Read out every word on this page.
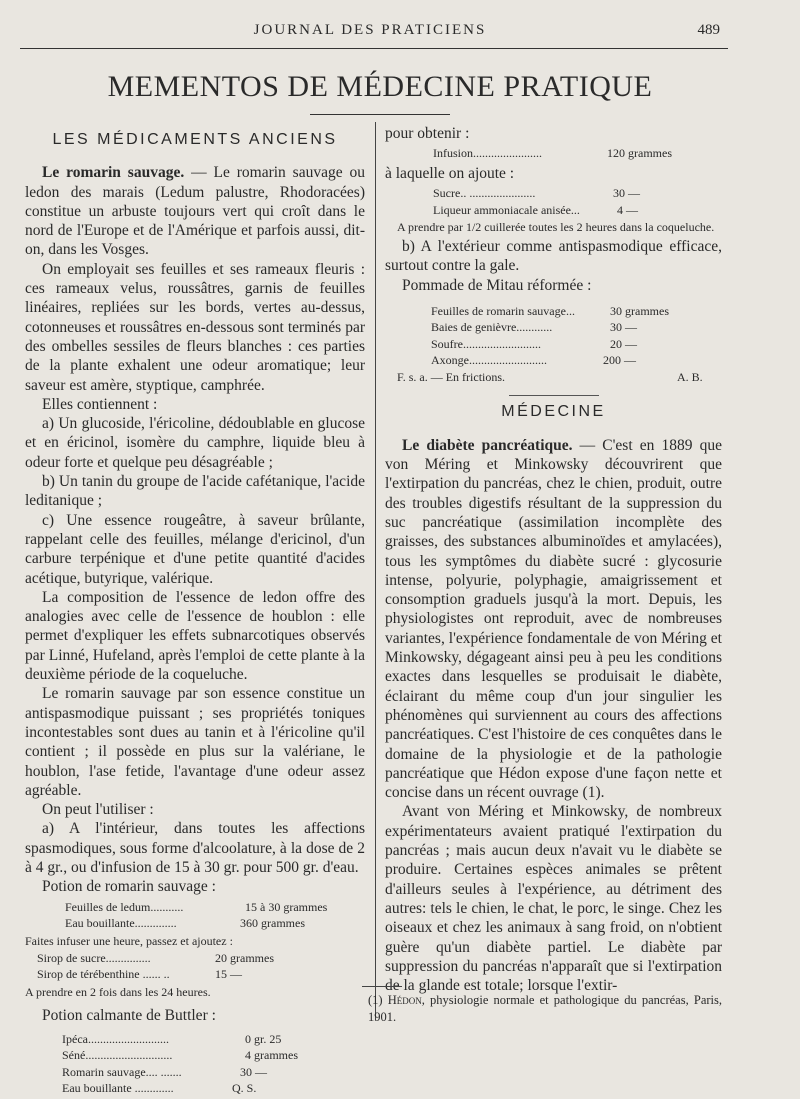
JOURNAL DES PRATICIENS	489
MEMENTOS DE MÉDECINE PRATIQUE
LES MÉDICAMENTS ANCIENS

Le romarin sauvage. — Le romarin sauvage ou ledon des marais (Ledum palustre, Rhodoracées) constitue un arbuste toujours vert qui croît dans le nord de l'Europe et de l'Amérique et parfois aussi, dit-on, dans les Vosges.

On employait ses feuilles et ses rameaux fleuris : ces rameaux velus, roussâtres, garnis de feuilles linéaires, repliées sur les bords, vertes au-dessus, cotonneuses et roussâtres en-dessous sont terminés par des ombelles sessiles de fleurs blanches : ces parties de la plante exhalent une odeur aromatique; leur saveur est amère, styptique, camphrée.

Elles contiennent :

a) Un glucoside, l'éricoline, dédoublable en glucose et en éricinol, isomère du camphre, liquide bleu à odeur forte et quelque peu désagréable ;

b) Un tanin du groupe de l'acide cafétanique, l'acide leditanique ;

c) Une essence rougeâtre, à saveur brûlante, rappelant celle des feuilles, mélange d'ericinol, d'un carbure terpénique et d'une petite quantité d'acides acétique, butyrique, valérique.

La composition de l'essence de ledon offre des analogies avec celle de l'essence de houblon : elle permet d'expliquer les effets subnarcotiques observés par Linné, Hufeland, après l'emploi de cette plante à la deuxième période de la coqueluche.

Le romarin sauvage par son essence constitue un antispasmodique puissant ; ses propriétés toniques incontestables sont dues au tanin et à l'éricoline qu'il contient ; il possède en plus sur la valériane, le houblon, l'ase fetide, l'avantage d'une odeur assez agréable.

On peut l'utiliser :

a) A l'intérieur, dans toutes les affections spasmodiques, sous forme d'alcoolature, à la dose de 2 à 4 gr., ou d'infusion de 15 à 30 gr. pour 500 gr. d'eau.

Potion de romarin sauvage :

Feuilles de ledum...........	15 à 30 grammes
Eau bouillante..............	360 grammes
Faites infuser une heure, passez et ajoutez :
Sirop de sucre...............	20 grammes
Sirop de térébenthine ...... ..	15 —
A prendre en 2 fois dans les 24 heures.

Potion calmante de Buttler :

Ipéca...........................	0 gr. 25
Séné.............................	4 grammes
Romarin sauvage.... .......	30 —
Eau bouillante .............	Q. S.

pour obtenir :

Infusion.......................	120 grammes

à laquelle on ajoute :

Sucre.. ......................	30 —
Liqueur ammoniacale anisée...	4 —
A prendre par 1/2 cuillerée toutes les 2 heures dans la coqueluche.

b) A l'extérieur comme antispasmodique efficace, surtout contre la gale.

Pommade de Mitau réformée :

Feuilles de romarin sauvage...	30 grammes
Baies de genièvre............	30 —
Soufre..........................	20 —
Axonge..........................	200 —
F. s. a. — En frictions.	A. B.
MÉDECINE

Le diabète pancréatique. — C'est en 1889 que von Méring et Minkowsky découvrirent que l'extirpation du pancréas, chez le chien, produit, outre des troubles digestifs résultant de la suppression du suc pancréatique (assimilation incomplète des graisses, des substances albuminoïdes et amylacées), tous les symptômes du diabète sucré : glycosurie intense, polyurie, polyphagie, amaigrissement et consomption graduels jusqu'à la mort. Depuis, les physiologistes ont reproduit, avec de nombreuses variantes, l'expérience fondamentale de von Méring et Minkowsky, dégageant ainsi peu à peu les conditions exactes dans lesquelles se produisait le diabète, éclairant du même coup d'un jour singulier les phénomènes qui surviennent au cours des affections pancréatiques. C'est l'histoire de ces conquêtes dans le domaine de la physiologie et de la pathologie pancréatique que Hédon expose d'une façon nette et concise dans un récent ouvrage (1).

Avant von Méring et Minkowsky, de nombreux expérimentateurs avaient pratiqué l'extirpation du pancréas ; mais aucun deux n'avait vu le diabète se produire. Certaines espèces animales se prêtent d'ailleurs seules à l'expérience, au détriment des autres: tels le chien, le chat, le porc, le singe. Chez les oiseaux et chez les animaux à sang froid, on n'obtient guère qu'un diabète partiel. Le diabète par suppression du pancréas n'apparaît que si l'extirpation de la glande est totale; lorsque l'extir-

(1) Hédon, physiologie normale et pathologique du pancréas, Paris, 1901.
